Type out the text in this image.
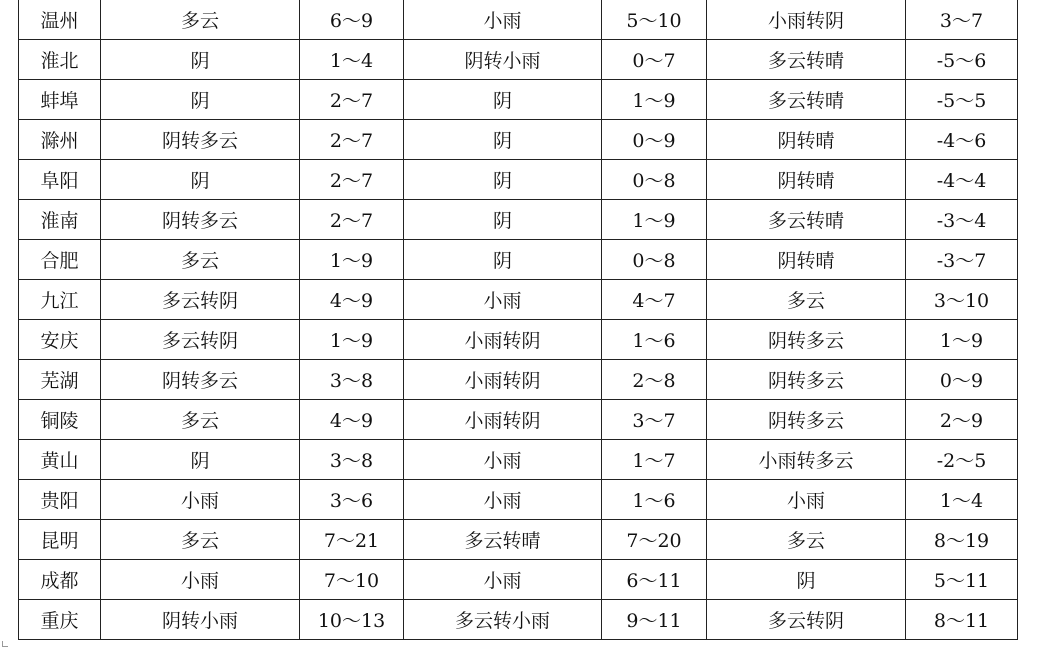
温州	多云	6～9	小雨	5～10	小雨转阴	3～7
淮北	阴	1～4	阴转小雨	0～7	多云转晴	-5～6
蚌埠	阴	2～7	阴	1～9	多云转晴	-5～5
滁州	阴转多云	2～7	阴	0～9	阴转晴	-4～6
阜阳	阴	2～7	阴	0～8	阴转晴	-4～4
淮南	阴转多云	2～7	阴	1～9	多云转晴	-3～4
合肥	多云	1～9	阴	0～8	阴转晴	-3～7
九江	多云转阴	4～9	小雨	4～7	多云	3～10
安庆	多云转阴	1～9	小雨转阴	1～6	阴转多云	1～9
芜湖	阴转多云	3～8	小雨转阴	2～8	阴转多云	0～9
铜陵	多云	4～9	小雨转阴	3～7	阴转多云	2～9
黄山	阴	3～8	小雨	1～7	小雨转多云	-2～5
贵阳	小雨	3～6	小雨	1～6	小雨	1～4
昆明	多云	7～21	多云转晴	7～20	多云	8～19
成都	小雨	7～10	小雨	6～11	阴	5～11
重庆	阴转小雨	10～13	多云转小雨	9～11	多云转阴	8～11
